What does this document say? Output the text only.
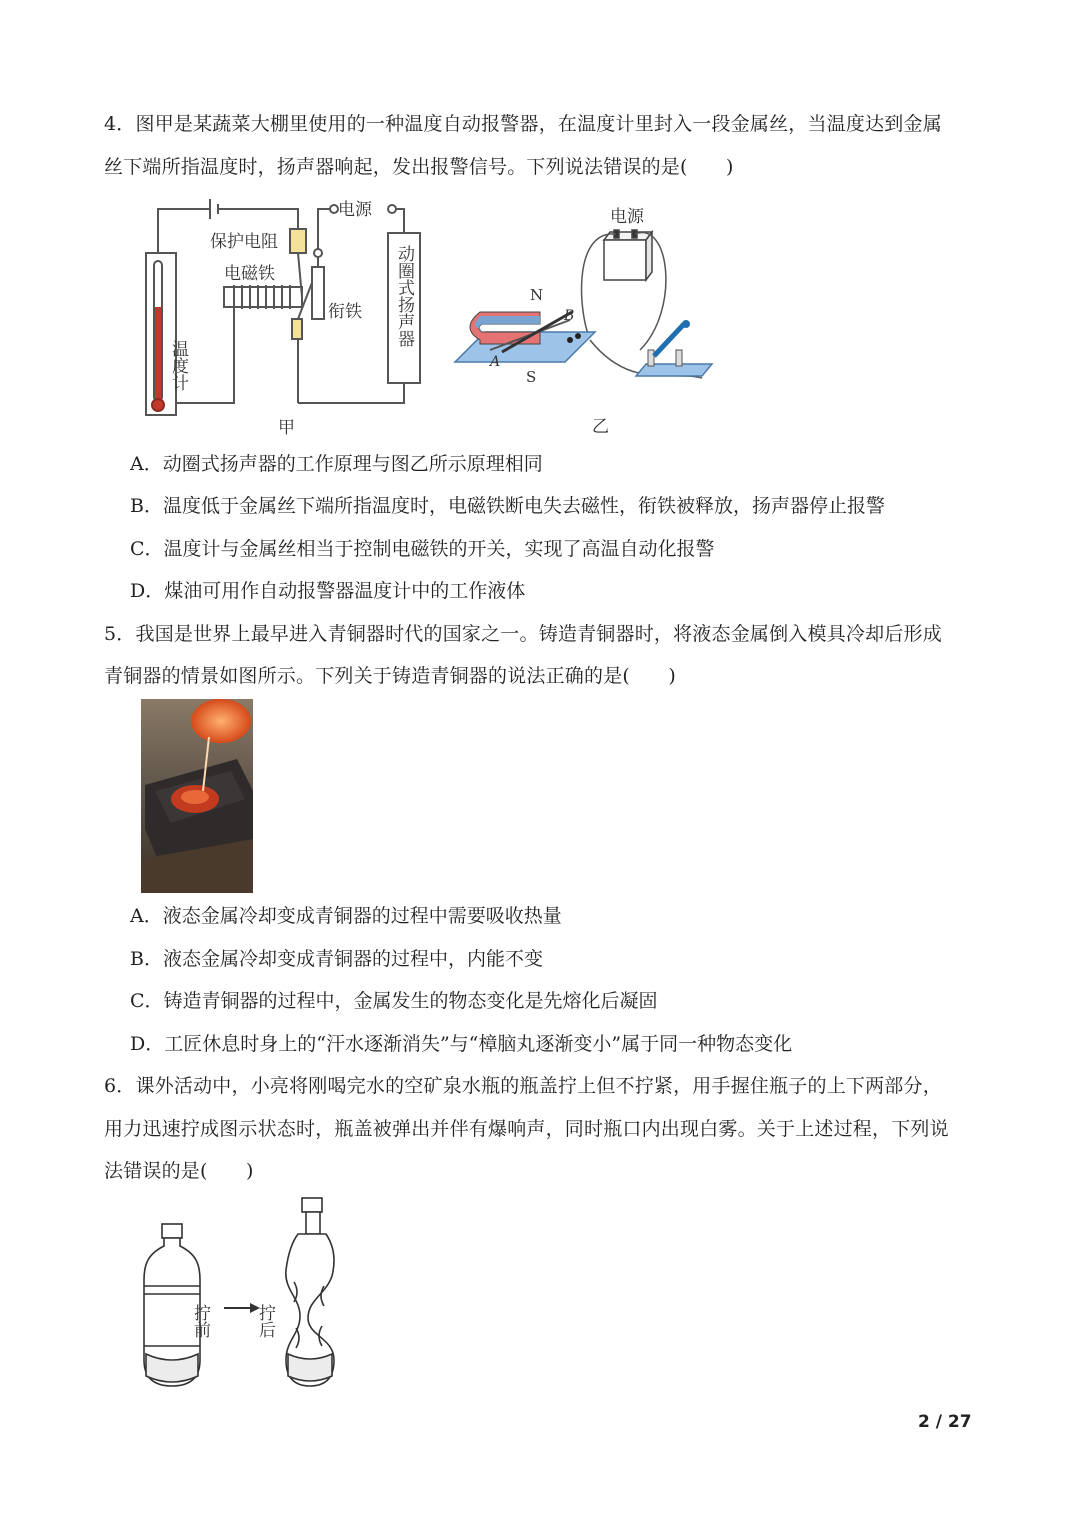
4．图甲是某蔬菜大棚里使用的一种温度自动报警器，在温度计里封入一段金属丝，当温度达到金属
丝下端所指温度时，扬声器响起，发出报警信号。下列说法错误的是(　　)
电源
保护电阻
电磁铁
衔铁
温度计
动圈式扬声器
甲
电源
N
B
A
S
乙
A．动圈式扬声器的工作原理与图乙所示原理相同
B．温度低于金属丝下端所指温度时，电磁铁断电失去磁性，衔铁被释放，扬声器停止报警
C．温度计与金属丝相当于控制电磁铁的开关，实现了高温自动化报警
D．煤油可用作自动报警器温度计中的工作液体
5．我国是世界上最早进入青铜器时代的国家之一。铸造青铜器时，将液态金属倒入模具冷却后形成
青铜器的情景如图所示。下列关于铸造青铜器的说法正确的是(　　)
A．液态金属冷却变成青铜器的过程中需要吸收热量
B．液态金属冷却变成青铜器的过程中，内能不变
C．铸造青铜器的过程中，金属发生的物态变化是先熔化后凝固
D．工匠休息时身上的“汗水逐渐消失”与“樟脑丸逐渐变小”属于同一种物态变化
6．课外活动中，小亮将刚喝完水的空矿泉水瓶的瓶盖拧上但不拧紧，用手握住瓶子的上下两部分，
用力迅速拧成图示状态时，瓶盖被弹出并伴有爆响声，同时瓶口内出现白雾。关于上述过程，下列说
法错误的是(　　)
拧前	拧后
2 / 27
